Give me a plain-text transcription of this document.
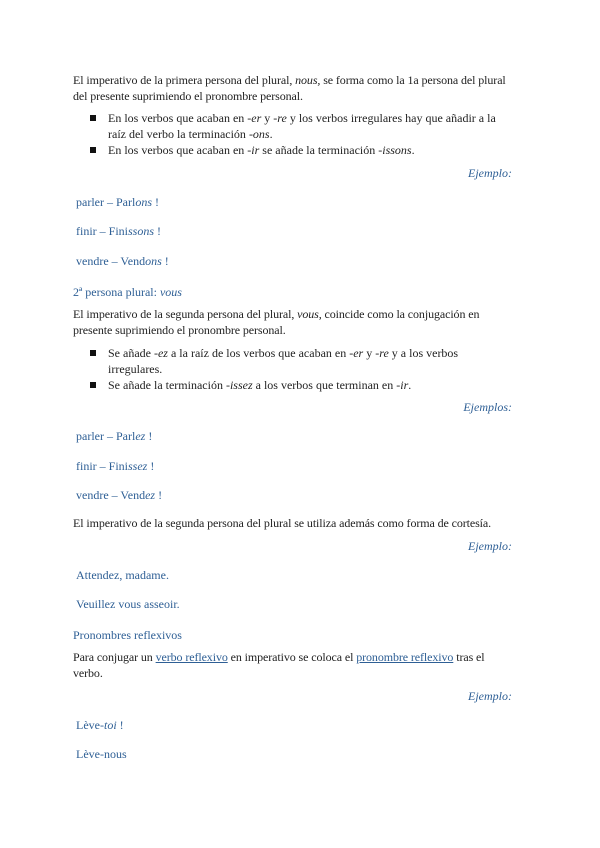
El imperativo de la primera persona del plural, nous, se forma como la 1a persona del plural del presente suprimiendo el pronombre personal.
En los verbos que acaban en -er y -re y los verbos irregulares hay que añadir a la raíz del verbo la terminación -ons.
En los verbos que acaban en -ir se añade la terminación -issons.
Ejemplo:
parler – Parlons !
finir – Finissons !
vendre – Vendons !
2ª persona plural: vous
El imperativo de la segunda persona del plural, vous, coincide como la conjugación en presente suprimiendo el pronombre personal.
Se añade -ez a la raíz de los verbos que acaban en -er y -re y a los verbos irregulares.
Se añade la terminación -issez a los verbos que terminan en -ir.
Ejemplos:
parler – Parlez !
finir – Finissez !
vendre – Vendez !
El imperativo de la segunda persona del plural se utiliza además como forma de cortesía.
Ejemplo:
Attendez, madame.
Veuillez vous asseoir.
Pronombres reflexivos
Para conjugar un verbo reflexivo en imperativo se coloca el pronombre reflexivo tras el verbo.
Ejemplo:
Lève-toi !
Lève-nous
